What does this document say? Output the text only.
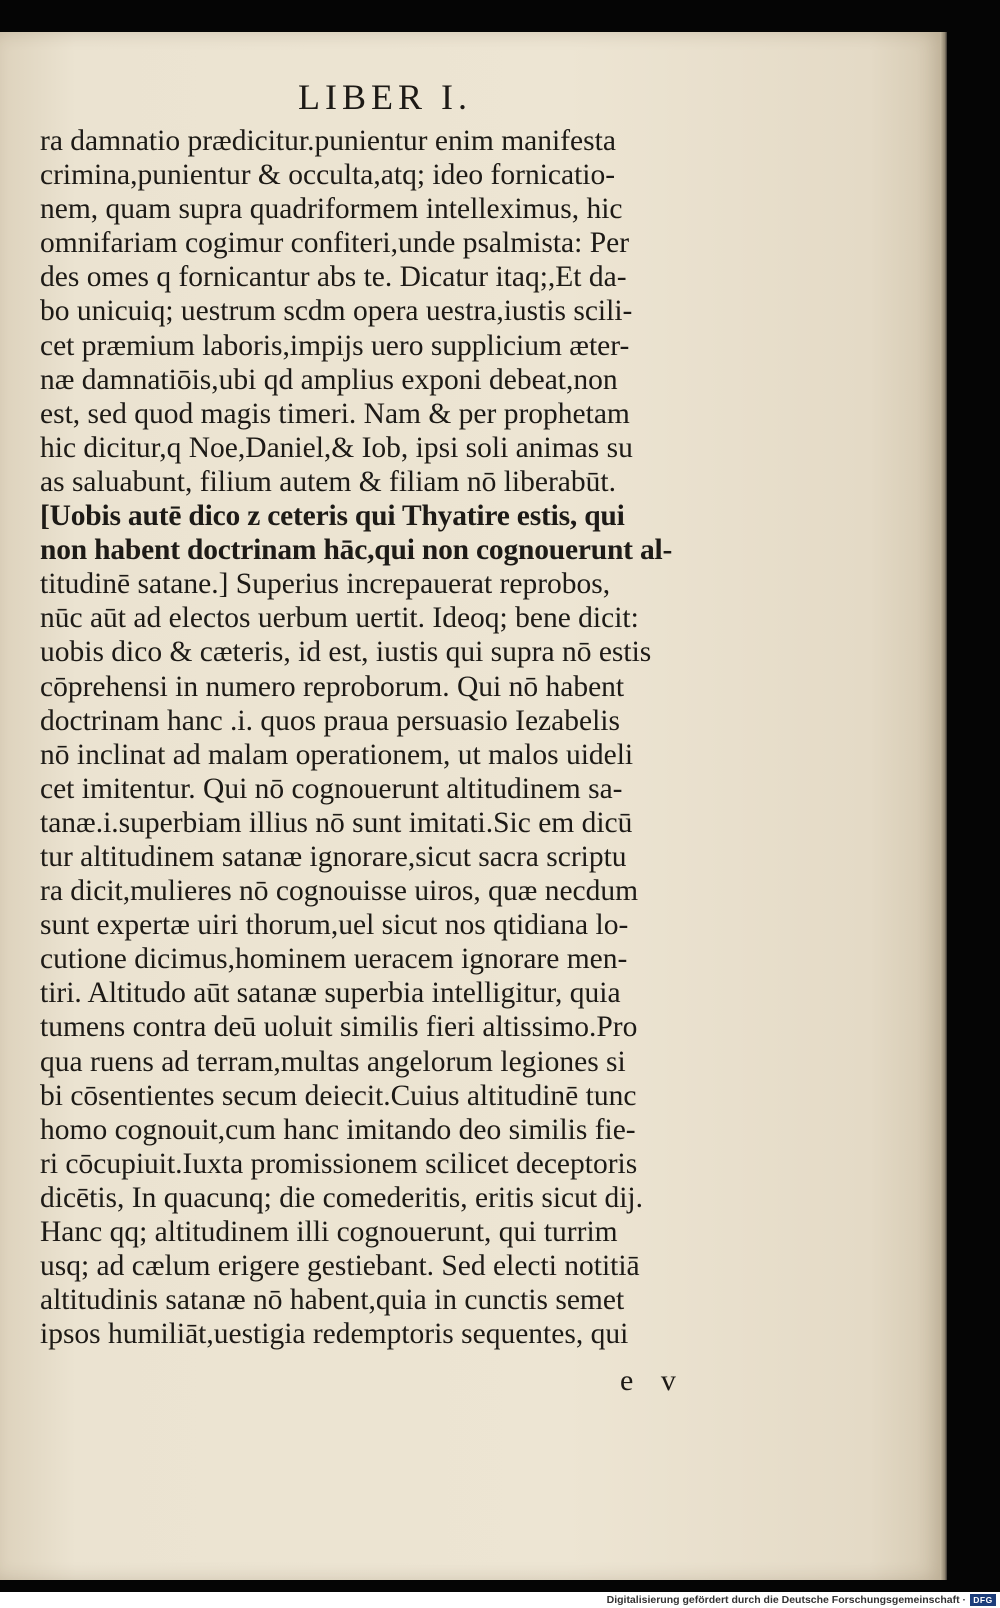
LIBER I.
ra damnatio prædicitur.punientur enim manifesta
crimina,punientur & occulta,atq; ideo fornicatio-
nem, quam supra quadriformem intelleximus, hic
omnifariam cogimur confiteri,unde psalmista: Per
des omes q fornicantur abs te. Dicatur itaq;,Et da-
bo unicuiq; uestrum scdm opera uestra,iustis scili-
cet præmium laboris,impijs uero supplicium æter-
næ damnatiōis,ubi qd amplius exponi debeat,non
est, sed quod magis timeri. Nam & per prophetam
hic dicitur,q Noe,Daniel,& Iob, ipsi soli animas su
as saluabunt, filium autem & filiam nō liberabūt.
[Uobis autē dico z ceteris qui Thyatire estis, qui
non habent doctrinam hāc,qui non cognouerunt al-
titudinē satane.] Superius increpauerat reprobos,
nūc aūt ad electos uerbum uertit. Ideoq; bene dicit:
uobis dico & cæteris, id est, iustis qui supra nō estis
cōprehensi in numero reproborum. Qui nō habent
doctrinam hanc .i. quos praua persuasio Iezabelis
nō inclinat ad malam operationem, ut malos uideli
cet imitentur. Qui nō cognouerunt altitudinem sa-
tanæ.i.superbiam illius nō sunt imitati.Sic em dicū
tur altitudinem satanæ ignorare,sicut sacra scriptu
ra dicit,mulieres nō cognouisse uiros, quæ necdum
sunt expertæ uiri thorum,uel sicut nos qtidiana lo-
cutione dicimus,hominem ueracem ignorare men-
tiri. Altitudo aūt satanæ superbia intelligitur, quia
tumens contra deū uoluit similis fieri altissimo.Pro
qua ruens ad terram,multas angelorum legiones si
bi cōsentientes secum deiecit.Cuius altitudinē tunc
homo cognouit,cum hanc imitando deo similis fie-
ri cōcupiuit.Iuxta promissionem scilicet deceptoris
dicētis, In quacunq; die comederitis, eritis sicut dij.
Hanc qq; altitudinem illi cognouerunt, qui turrim
usq; ad cælum erigere gestiebant. Sed electi notitiā
altitudinis satanæ nō habent,quia in cunctis semet
ipsos humiliāt,uestigia redemptoris sequentes, qui
e v
Digitalisierung gefördert durch die Deutsche Forschungsgemeinschaft · DFG
